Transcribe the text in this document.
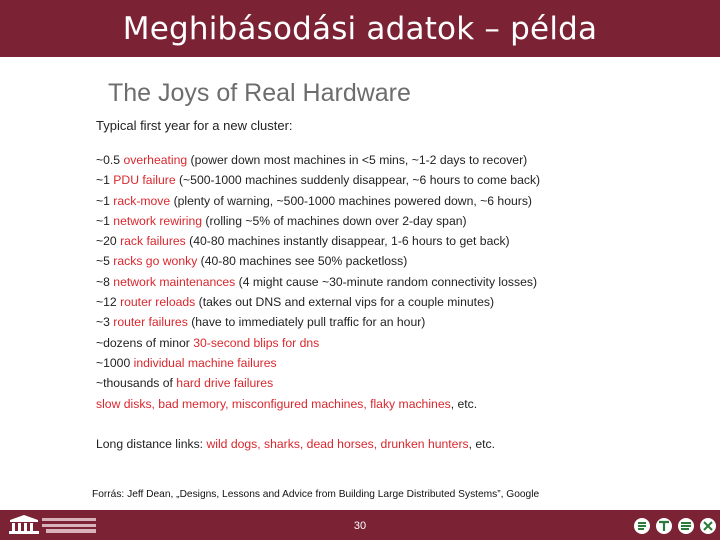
Meghibásodási adatok – példa
The Joys of Real Hardware
Typical first year for a new cluster:
~0.5 overheating (power down most machines in <5 mins, ~1-2 days to recover)
~1 PDU failure (~500-1000 machines suddenly disappear, ~6 hours to come back)
~1 rack-move (plenty of warning, ~500-1000 machines powered down, ~6 hours)
~1 network rewiring (rolling ~5% of machines down over 2-day span)
~20 rack failures (40-80 machines instantly disappear, 1-6 hours to get back)
~5 racks go wonky (40-80 machines see 50% packetloss)
~8 network maintenances (4 might cause ~30-minute random connectivity losses)
~12 router reloads (takes out DNS and external vips for a couple minutes)
~3 router failures (have to immediately pull traffic for an hour)
~dozens of minor 30-second blips for dns
~1000 individual machine failures
~thousands of hard drive failures
slow disks, bad memory, misconfigured machines, flaky machines, etc.
Long distance links: wild dogs, sharks, dead horses, drunken hunters, etc.
Forrás: Jeff Dean, „Designs, Lessons and Advice from Building Large Distributed Systems”, Google
30
